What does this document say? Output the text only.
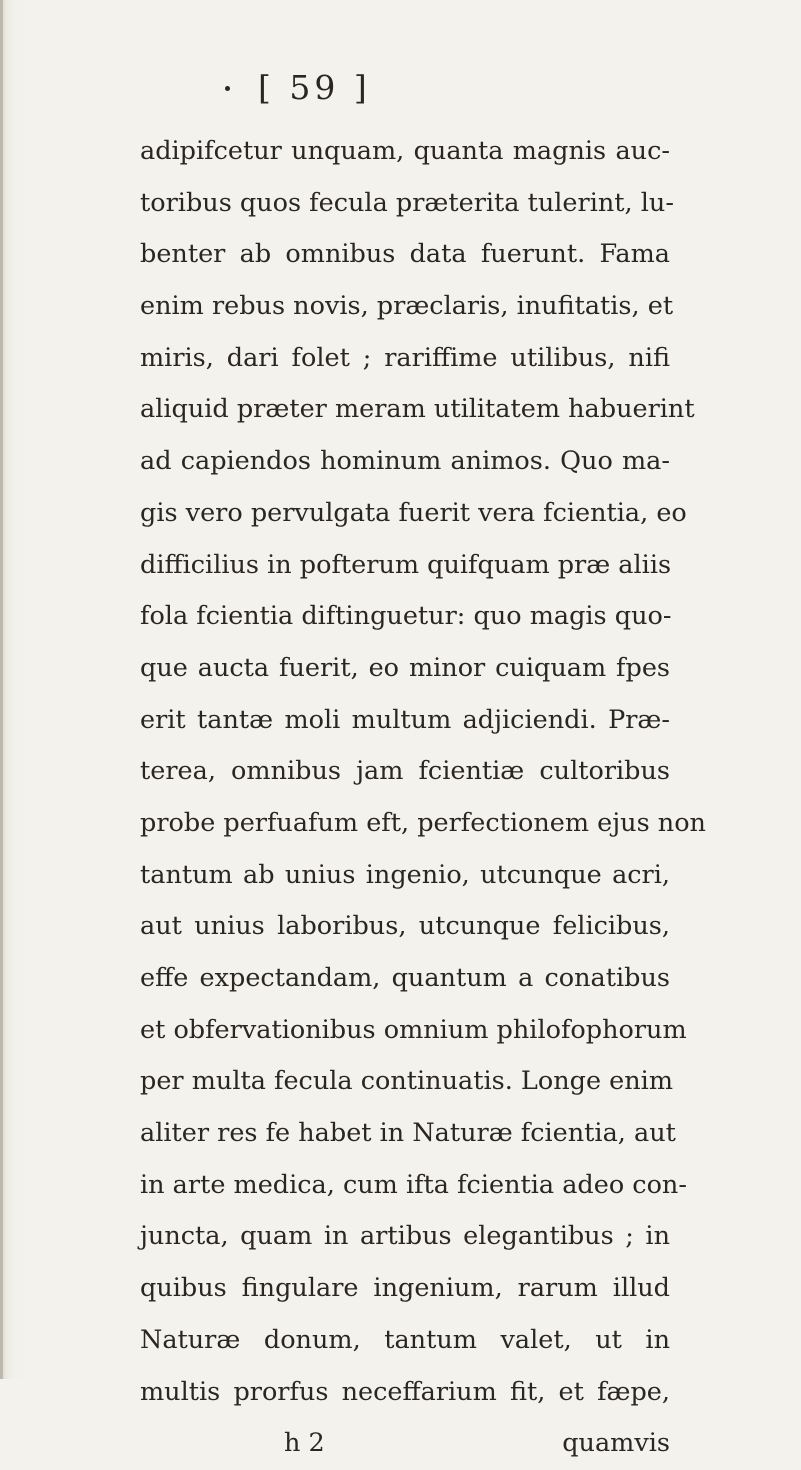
[ 59 ]
adipifcetur unquam, quanta magnis auc-
toribus quos fecula præterita tulerint, lu-
benter ab omnibus data fuerunt. Fama
enim rebus novis, præclaris, inufitatis, et
miris, dari folet ; rariffime utilibus, nifi
aliquid præter meram utilitatem habuerint
ad capiendos hominum animos. Quo ma-
gis vero pervulgata fuerit vera fcientia, eo
difficilius in pofterum quifquam præ aliis
fola fcientia diftinguetur: quo magis quo-
que aucta fuerit, eo minor cuiquam fpes
erit tantæ moli multum adjiciendi. Præ-
terea, omnibus jam fcientiæ cultoribus
probe perfuafum eft, perfectionem ejus non
tantum ab unius ingenio, utcunque acri,
aut unius laboribus, utcunque felicibus,
effe expectandam, quantum a conatibus
et obfervationibus omnium philofophorum
per multa fecula continuatis. Longe enim
aliter res fe habet in Naturæ fcientia, aut
in arte medica, cum ifta fcientia adeo con-
juncta, quam in artibus elegantibus ; in
quibus fingulare ingenium, rarum illud
Naturæ donum, tantum valet, ut in
multis prorfus neceffarium fit, et fæpe,
h 2	quamvis
